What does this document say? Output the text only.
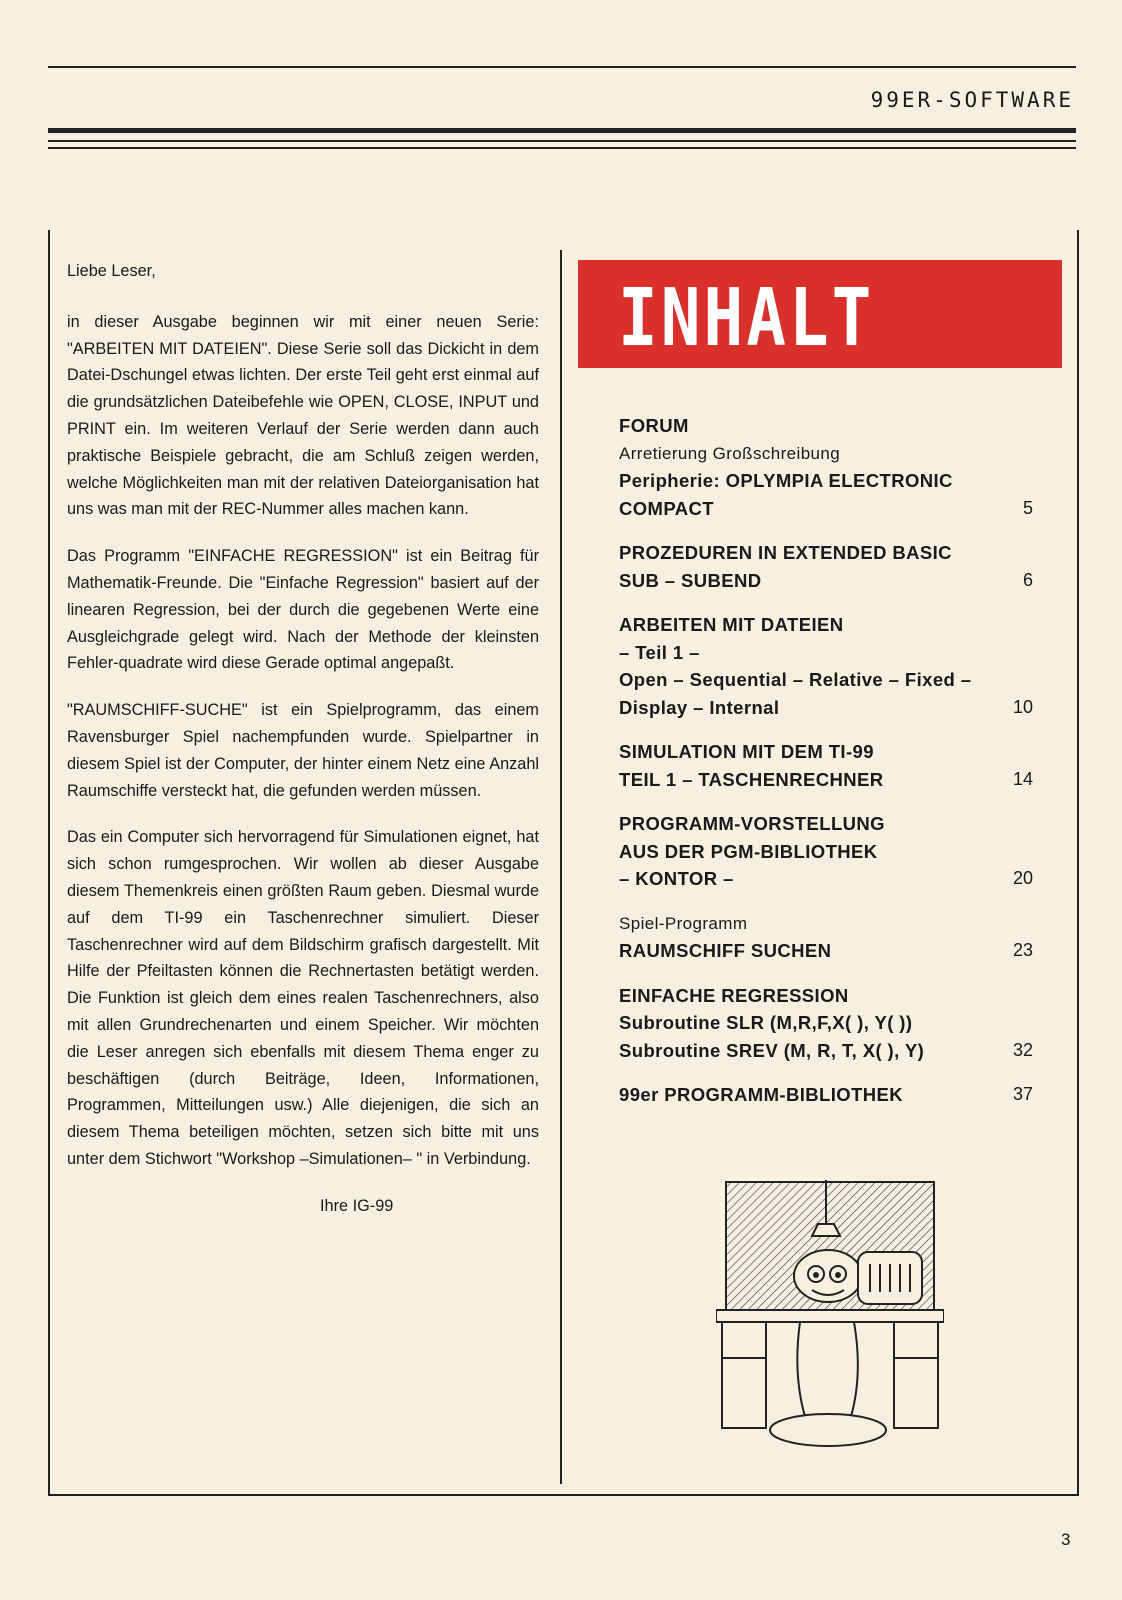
99ER-SOFTWARE

Liebe Leser,

in dieser Ausgabe beginnen wir mit einer neuen Serie: "ARBEITEN MIT DATEIEN". Diese Serie soll das Dickicht in dem Datei-Dschungel etwas lichten. Der erste Teil geht erst einmal auf die grundsätzlichen Dateibefehle wie OPEN, CLOSE, INPUT und PRINT ein. Im weiteren Verlauf der Serie werden dann auch praktische Beispiele gebracht, die am Schluß zeigen werden, welche Möglichkeiten man mit der relativen Dateiorganisation hat uns was man mit der REC-Nummer alles machen kann.

Das Programm "EINFACHE REGRESSION" ist ein Beitrag für Mathematik-Freunde. Die "Einfache Regression" basiert auf der linearen Regression, bei der durch die gegebenen Werte eine Ausgleichgrade gelegt wird. Nach der Methode der kleinsten Fehler-quadrate wird diese Gerade optimal angepaßt.

"RAUMSCHIFF-SUCHE" ist ein Spielprogramm, das einem Ravensburger Spiel nachempfunden wurde. Spielpartner in diesem Spiel ist der Computer, der hinter einem Netz eine Anzahl Raumschiffe versteckt hat, die gefunden werden müssen.

Das ein Computer sich hervorragend für Simulationen eignet, hat sich schon rumgesprochen. Wir wollen ab dieser Ausgabe diesem Themenkreis einen größten Raum geben. Diesmal wurde auf dem TI-99 ein Taschenrechner simuliert. Dieser Taschenrechner wird auf dem Bildschirm grafisch dargestellt. Mit Hilfe der Pfeiltasten können die Rechnertasten betätigt werden. Die Funktion ist gleich dem eines realen Taschenrechners, also mit allen Grundrechenarten und einem Speicher. Wir möchten die Leser anregen sich ebenfalls mit diesem Thema enger zu beschäftigen (durch Beiträge, Ideen, Informationen, Programmen, Mitteilungen usw.) Alle diejenigen, die sich an diesem Thema beteiligen möchten, setzen sich bitte mit uns unter dem Stichwort "Workshop –Simulationen– " in Verbindung.

Ihre IG-99

INHALT
FORUM
Arretierung Großschreibung
Peripherie: OPLYMPIA ELECTRONIC
COMPACT	5
PROZEDUREN IN EXTENDED BASIC
SUB – SUBEND	6
ARBEITEN MIT DATEIEN
– Teil 1 –
Open – Sequential – Relative – Fixed –
Display – Internal	10
SIMULATION MIT DEM TI-99
TEIL 1 – TASCHENRECHNER	14
PROGRAMM-VORSTELLUNG
AUS DER PGM-BIBLIOTHEK
– KONTOR –	20
Spiel-Programm
RAUMSCHIFF SUCHEN	23
EINFACHE REGRESSION
Subroutine SLR (M,R,F,X( ), Y( ))
Subroutine SREV (M, R, T, X( ), Y)	32
99er PROGRAMM-BIBLIOTHEK	37
3
